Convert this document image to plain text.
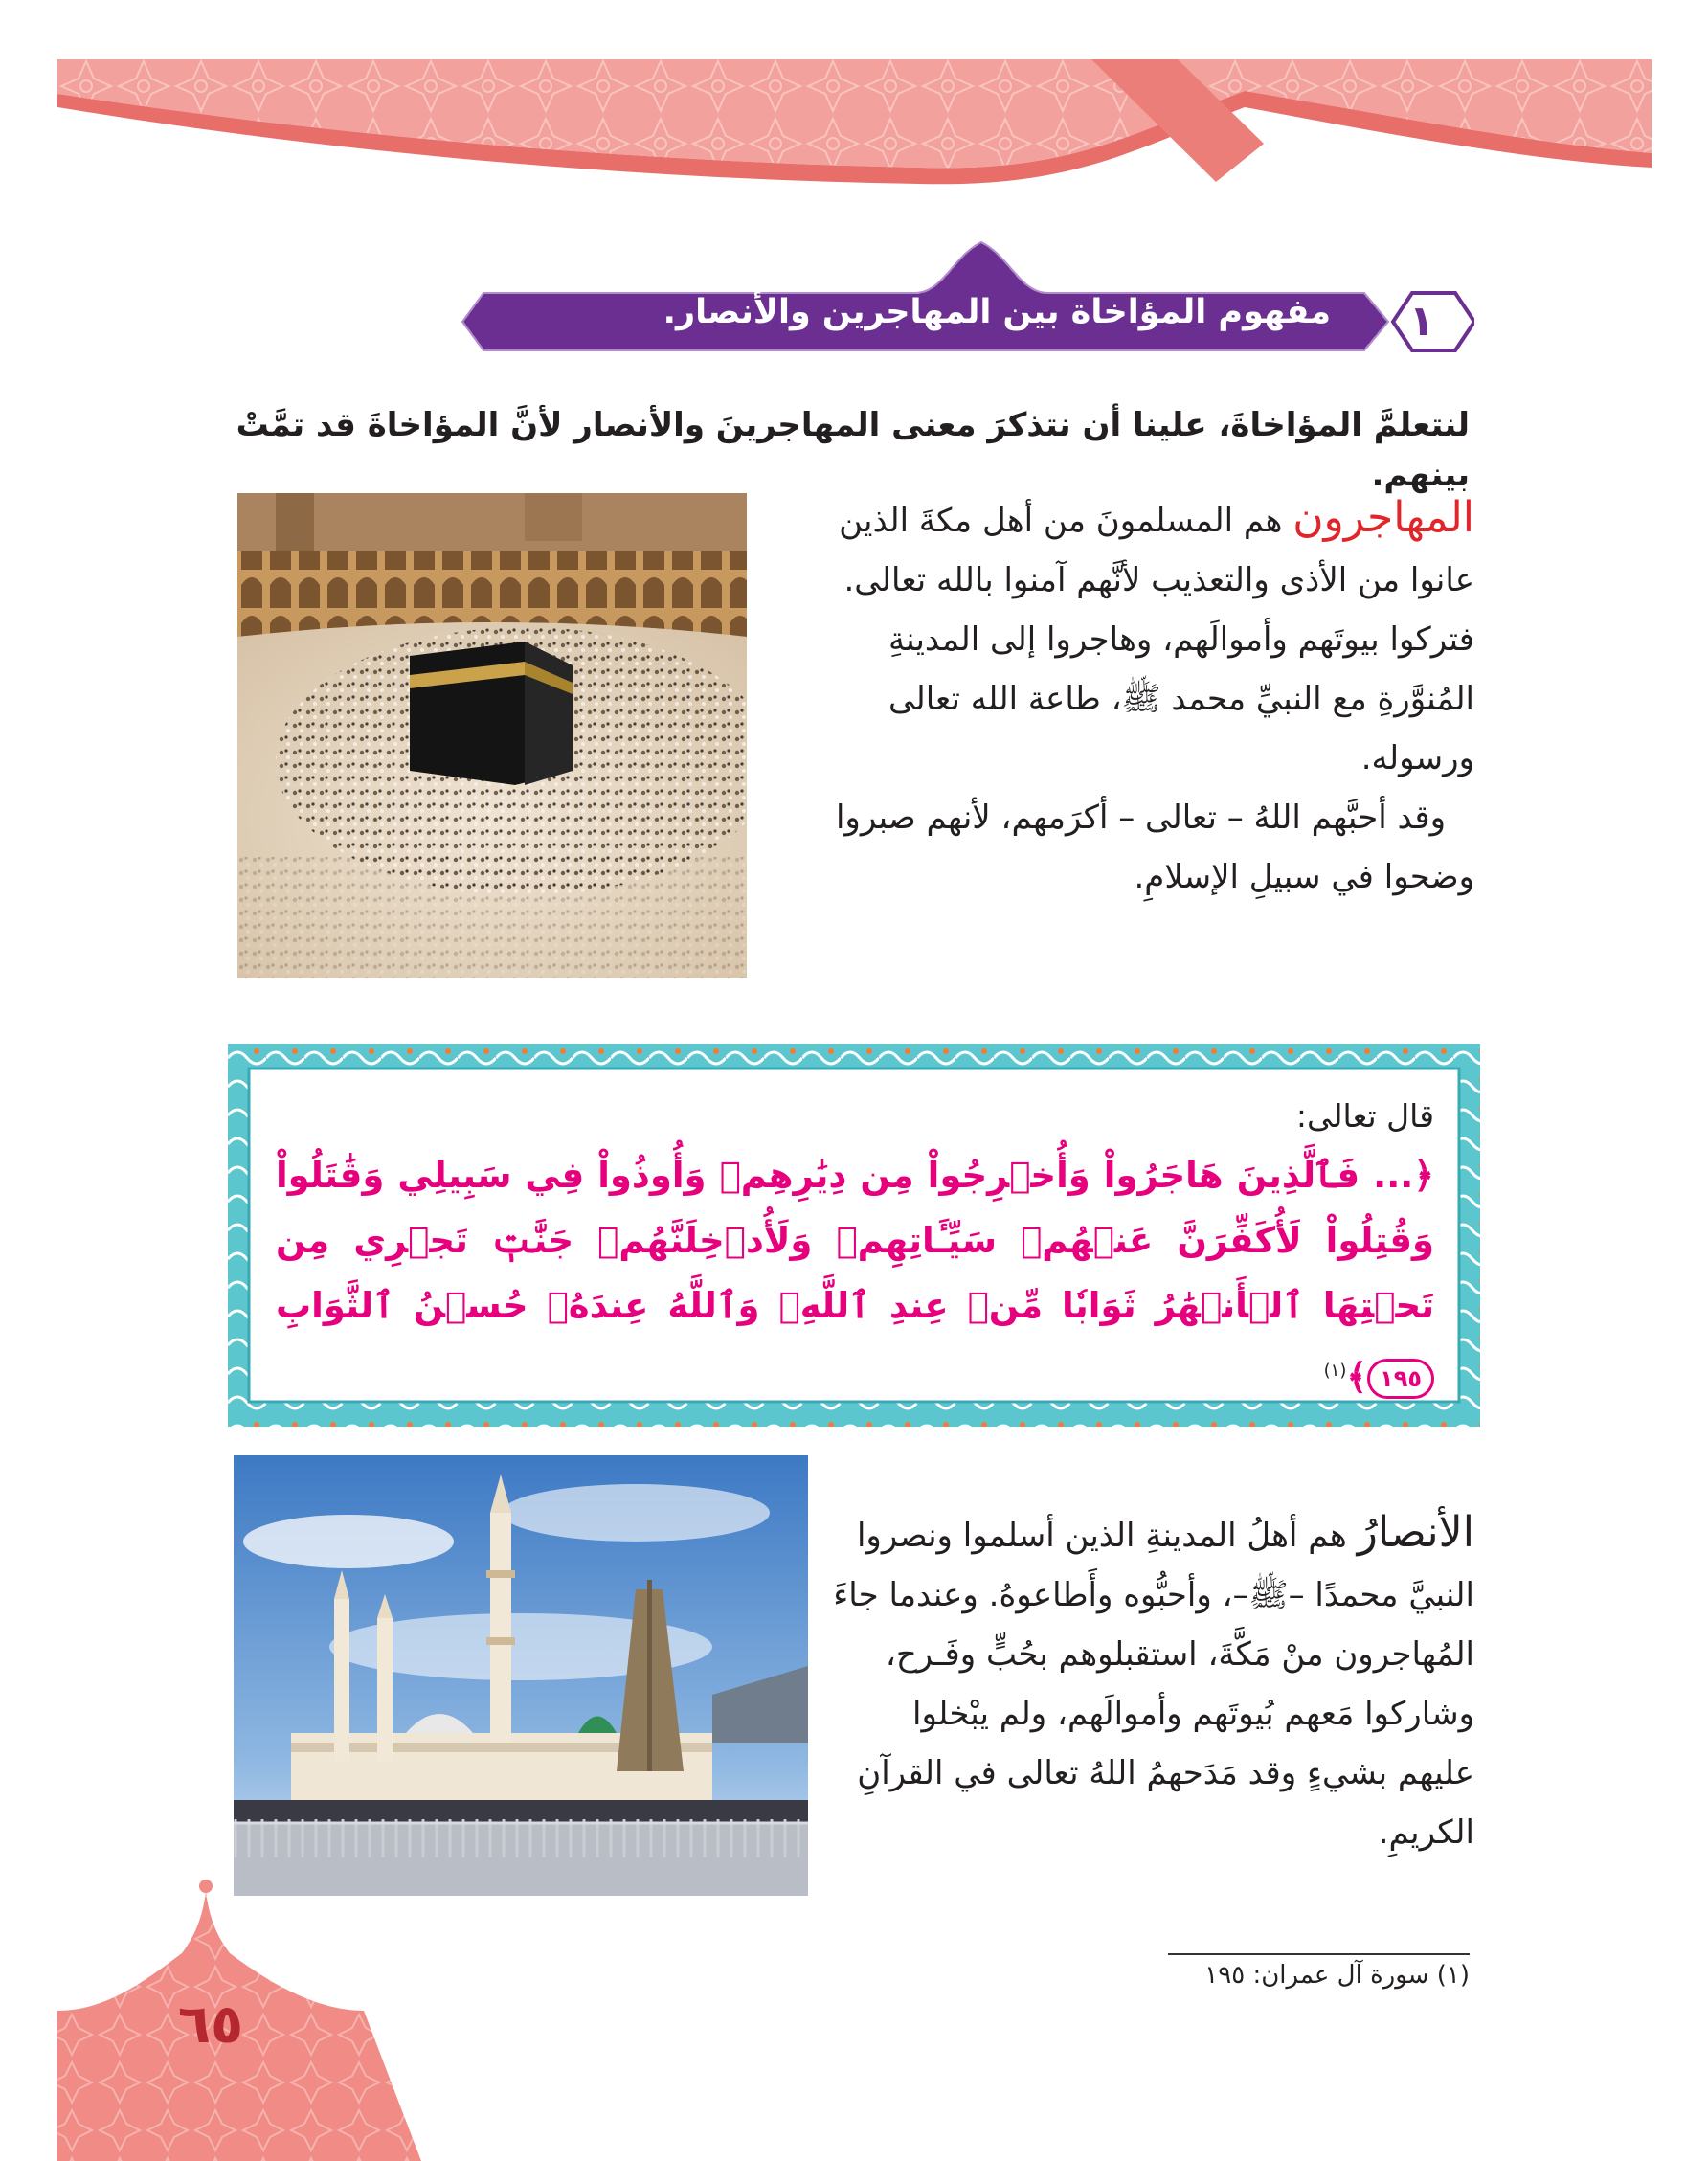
١
مفهوم المؤاخاة بين المهاجرين والأنصار.
لنتعلمَّ المؤاخاةَ، علينا أن نتذكرَ معنى المهاجرينَ والأنصار لأنَّ المؤاخاةَ قد تمَّتْ بينهم.

المهاجرون هم المسلمونَ من أهل مكةَ الذين عانوا من الأذى والتعذيب لأنَّهم آمنوا بالله تعالى. فتركوا بيوتَهم وأموالَهم، وهاجروا إلى المدينةِ المُنوَّرةِ مع النبيِّ محمد ﷺ، طاعة الله تعالى ورسوله.

وقد أحبَّهم اللهُ – تعالى – أكرَمهم، لأنهم صبروا وضحوا في سبيلِ الإسلامِ.

قال تعالى:
﴿... فَٱلَّذِينَ هَاجَرُواْ وَأُخۡرِجُواْ مِن دِيَٰرِهِمۡ وَأُوذُواْ فِي سَبِيلِي وَقَٰتَلُواْ وَقُتِلُواْ لَأُكَفِّرَنَّ عَنۡهُمۡ سَيِّـَٔاتِهِمۡ وَلَأُدۡخِلَنَّهُمۡ جَنَّٰتٖ تَجۡرِي مِن تَحۡتِهَا ٱلۡأَنۡهَٰرُ ثَوَابٗا مِّنۡ عِندِ ٱللَّهِۚ وَٱللَّهُ عِندَهُۥ حُسۡنُ ٱلثَّوَابِ ١٩٥﴾$^{(١)}$

الأنصارُ هم أهلُ المدينةِ الذين أسلموا ونصروا النبيَّ محمدًا –ﷺ–، وأحبُّوه وأَطاعوهُ. وعندما جاءَ المُهاجرون منْ مَكَّةَ، استقبلوهم بحُبٍّ وفَـرح، وشاركوا مَعهم بُيوتَهم وأموالَهم، ولم يبْخلوا عليهم بشيءٍ وقد مَدَحهمُ اللهُ تعالى في القرآنِ الكريمِ.

(١) سورة آل عمران: ١٩٥
٦٥
